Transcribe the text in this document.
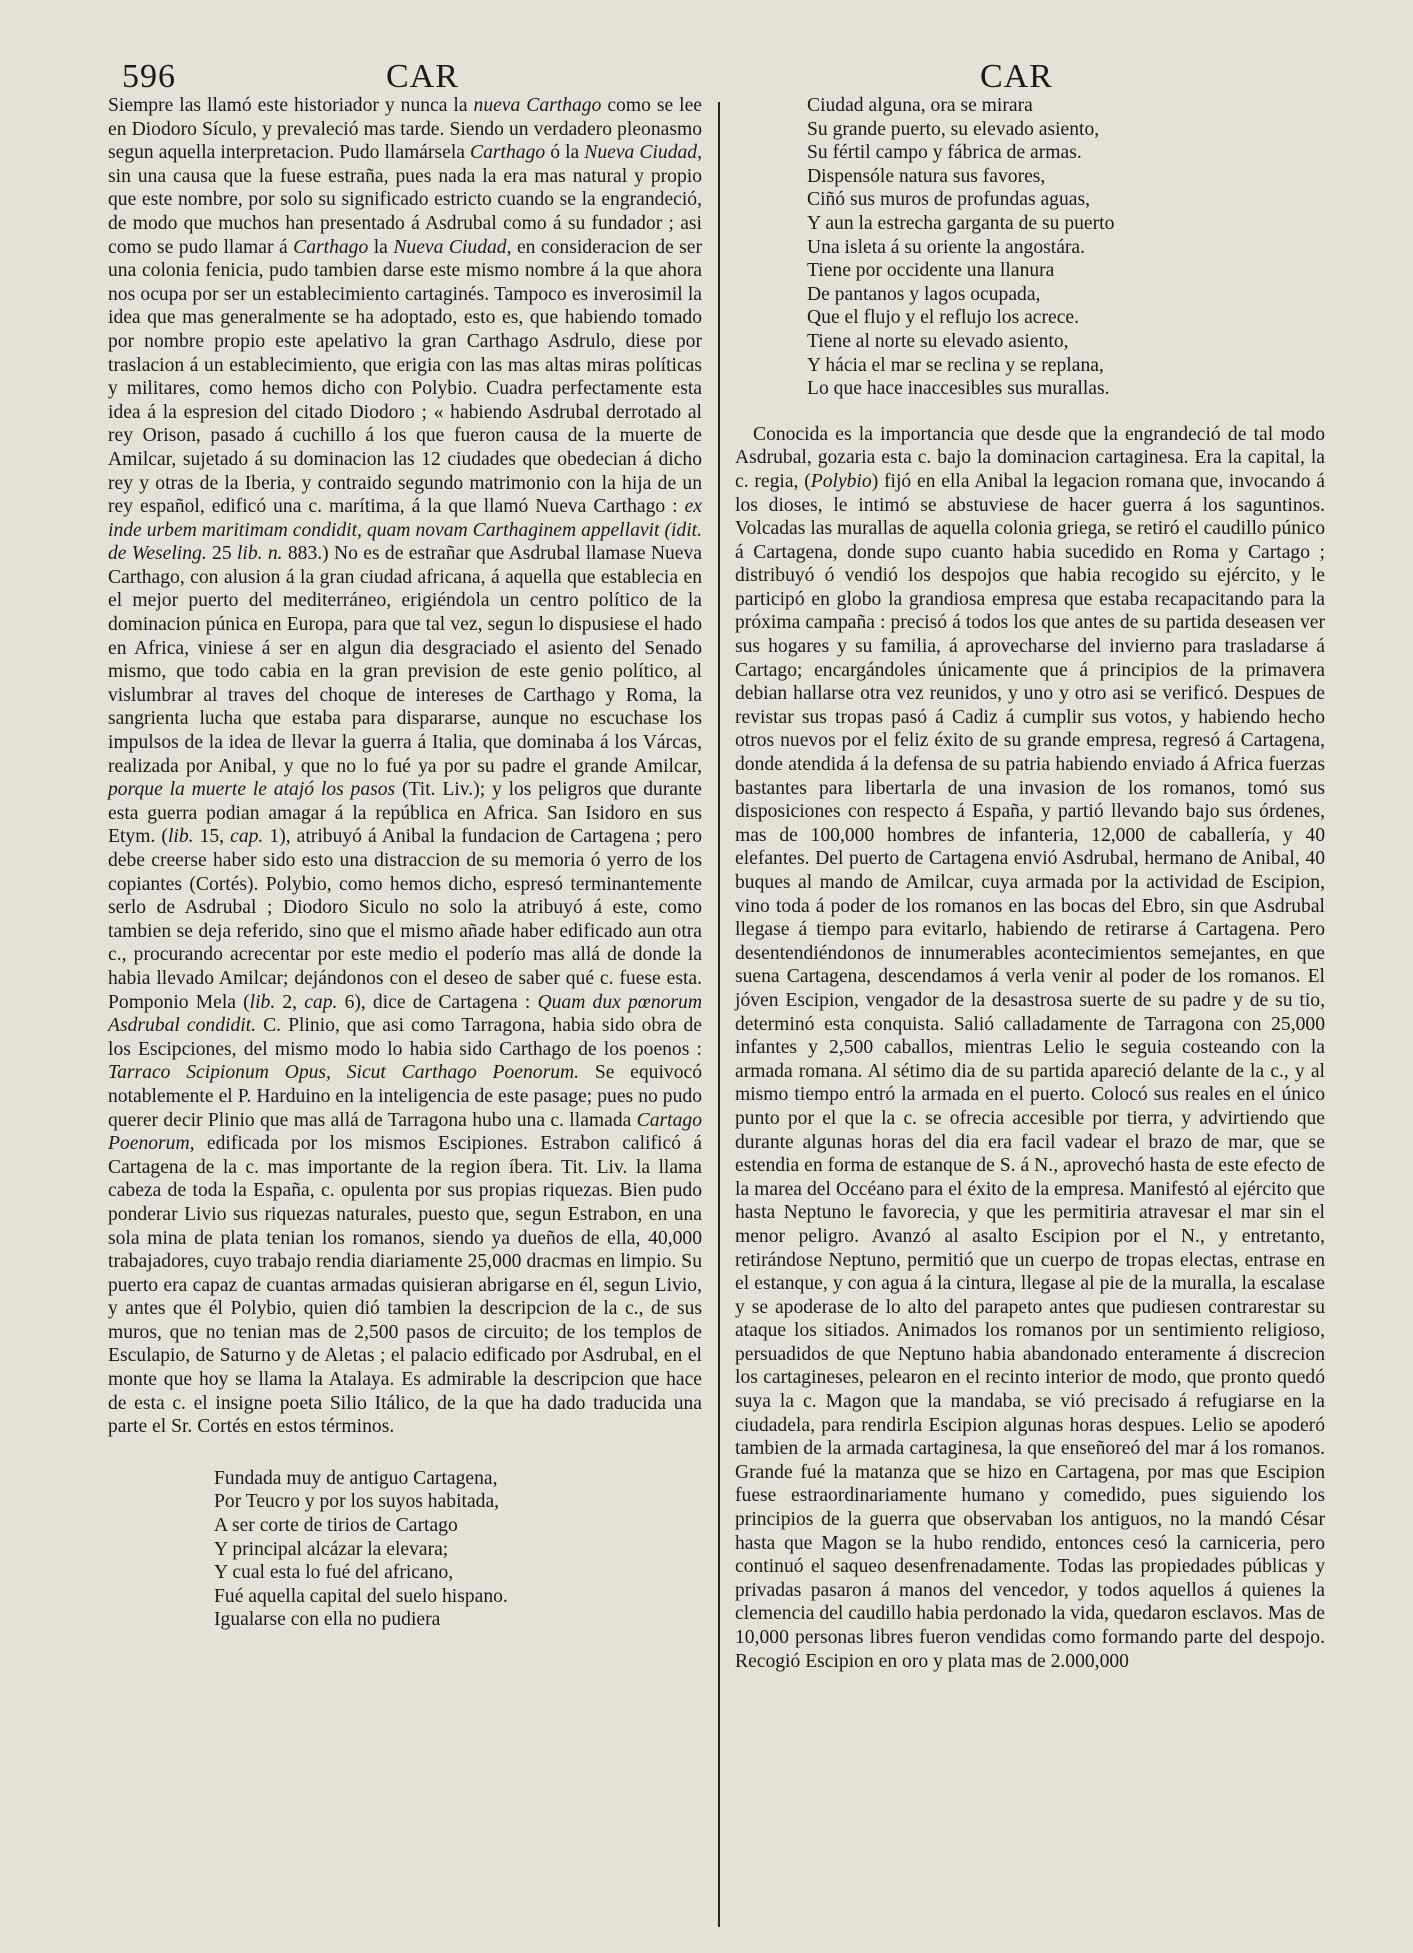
596	CAR	CAR

Siempre las llamó este historiador y nunca la nueva Carthago como se lee en Diodoro Sículo, y prevaleció mas tarde. Siendo un verdadero pleonasmo segun aquella interpretacion. Pudo llamársela Carthago ó la Nueva Ciudad, sin una causa que la fuese estraña, pues nada la era mas natural y propio que este nombre, por solo su significado estricto cuando se la engrandeció, de modo que muchos han presentado á Asdrubal como á su fundador ; asi como se pudo llamar á Carthago la Nueva Ciudad, en consideracion de ser una colonia fenicia, pudo tambien darse este mismo nombre á la que ahora nos ocupa por ser un establecimiento cartaginés. Tampoco es inverosimil la idea que mas generalmente se ha adoptado, esto es, que habiendo tomado por nombre propio este apelativo la gran Carthago Asdrulo, diese por traslacion á un establecimiento, que erigia con las mas altas miras políticas y militares, como hemos dicho con Polybio. Cuadra perfectamente esta idea á la espresion del citado Diodoro ; « habiendo Asdrubal derrotado al rey Orison, pasado á cuchillo á los que fueron causa de la muerte de Amilcar, sujetado á su dominacion las 12 ciudades que obedecian á dicho rey y otras de la Iberia, y contraido segundo matrimonio con la hija de un rey español, edificó una c. marítima, á la que llamó Nueva Carthago : ex inde urbem maritimam condidit, quam novam Carthaginem appellavit (idit. de Weseling. 25 lib. n. 883.) No es de estrañar que Asdrubal llamase Nueva Carthago, con alusion á la gran ciudad africana, á aquella que establecia en el mejor puerto del mediterráneo, erigiéndola un centro político de la dominacion púnica en Europa, para que tal vez, segun lo dispusiese el hado en Africa, viniese á ser en algun dia desgraciado el asiento del Senado mismo, que todo cabia en la gran prevision de este genio político, al vislumbrar al traves del choque de intereses de Carthago y Roma, la sangrienta lucha que estaba para dispararse, aunque no escuchase los impulsos de la idea de llevar la guerra á Italia, que dominaba á los Várcas, realizada por Anibal, y que no lo fué ya por su padre el grande Amilcar, porque la muerte le atajó los pasos (Tit. Liv.); y los peligros que durante esta guerra podian amagar á la república en Africa. San Isidoro en sus Etym. (lib. 15, cap. 1), atribuyó á Anibal la fundacion de Cartagena ; pero debe creerse haber sido esto una distraccion de su memoria ó yerro de los copiantes (Cortés). Polybio, como hemos dicho, espresó terminantemente serlo de Asdrubal ; Diodoro Siculo no solo la atribuyó á este, como tambien se deja referido, sino que el mismo añade haber edificado aun otra c., procurando acrecentar por este medio el poderío mas allá de donde la habia llevado Amilcar; dejándonos con el deseo de saber qué c. fuese esta. Pomponio Mela (lib. 2, cap. 6), dice de Cartagena : Quam dux pœnorum Asdrubal condidit. C. Plinio, que asi como Tarragona, habia sido obra de los Escipciones, del mismo modo lo habia sido Carthago de los poenos : Tarraco Scipionum Opus, Sicut Carthago Poenorum. Se equivocó notablemente el P. Harduino en la inteligencia de este pasage; pues no pudo querer decir Plinio que mas allá de Tarragona hubo una c. llamada Cartago Poenorum, edificada por los mismos Escipiones. Estrabon calificó á Cartagena de la c. mas importante de la region íbera. Tit. Liv. la llama cabeza de toda la España, c. opulenta por sus propias riquezas. Bien pudo ponderar Livio sus riquezas naturales, puesto que, segun Estrabon, en una sola mina de plata tenian los romanos, siendo ya dueños de ella, 40,000 trabajadores, cuyo trabajo rendia diariamente 25,000 dracmas en limpio. Su puerto era capaz de cuantas armadas quisieran abrigarse en él, segun Livio, y antes que él Polybio, quien dió tambien la descripcion de la c., de sus muros, que no tenian mas de 2,500 pasos de circuito; de los templos de Esculapio, de Saturno y de Aletas ; el palacio edificado por Asdrubal, en el monte que hoy se llama la Atalaya. Es admirable la descripcion que hace de esta c. el insigne poeta Silio Itálico, de la que ha dado traducida una parte el Sr. Cortés en estos términos.

Fundada muy de antiguo Cartagena,
Por Teucro y por los suyos habitada,
A ser corte de tirios de Cartago
Y principal alcázar la elevara;
Y cual esta lo fué del africano,
Fué aquella capital del suelo hispano.
Igualarse con ella no pudiera
Ciudad alguna, ora se mirara
Su grande puerto, su elevado asiento,
Su fértil campo y fábrica de armas.
Dispensóle natura sus favores,
Ciñó sus muros de profundas aguas,
Y aun la estrecha garganta de su puerto
Una isleta á su oriente la angostára.
Tiene por occidente una llanura
De pantanos y lagos ocupada,
Que el flujo y el reflujo los acrece.
Tiene al norte su elevado asiento,
Y hácia el mar se reclina y se replana,
Lo que hace inaccesibles sus murallas.

Conocida es la importancia que desde que la engrandeció de tal modo Asdrubal, gozaria esta c. bajo la dominacion cartaginesa. Era la capital, la c. regia, (Polybio) fijó en ella Anibal la legacion romana que, invocando á los dioses, le intimó se abstuviese de hacer guerra á los saguntinos. Volcadas las murallas de aquella colonia griega, se retiró el caudillo púnico á Cartagena, donde supo cuanto habia sucedido en Roma y Cartago ; distribuyó ó vendió los despojos que habia recogido su ejército, y le participó en globo la grandiosa empresa que estaba recapacitando para la próxima campaña : precisó á todos los que antes de su partida deseasen ver sus hogares y su familia, á aprovecharse del invierno para trasladarse á Cartago; encargándoles únicamente que á principios de la primavera debian hallarse otra vez reunidos, y uno y otro asi se verificó. Despues de revistar sus tropas pasó á Cadiz á cumplir sus votos, y habiendo hecho otros nuevos por el feliz éxito de su grande empresa, regresó á Cartagena, donde atendida á la defensa de su patria habiendo enviado á Africa fuerzas bastantes para libertarla de una invasion de los romanos, tomó sus disposiciones con respecto á España, y partió llevando bajo sus órdenes, mas de 100,000 hombres de infanteria, 12,000 de caballería, y 40 elefantes. Del puerto de Cartagena envió Asdrubal, hermano de Anibal, 40 buques al mando de Amilcar, cuya armada por la actividad de Escipion, vino toda á poder de los romanos en las bocas del Ebro, sin que Asdrubal llegase á tiempo para evitarlo, habiendo de retirarse á Cartagena. Pero desentendiéndonos de innumerables acontecimientos semejantes, en que suena Cartagena, descendamos á verla venir al poder de los romanos. El jóven Escipion, vengador de la desastrosa suerte de su padre y de su tio, determinó esta conquista. Salió calladamente de Tarragona con 25,000 infantes y 2,500 caballos, mientras Lelio le seguia costeando con la armada romana. Al sétimo dia de su partida apareció delante de la c., y al mismo tiempo entró la armada en el puerto. Colocó sus reales en el único punto por el que la c. se ofrecia accesible por tierra, y advirtiendo que durante algunas horas del dia era facil vadear el brazo de mar, que se estendia en forma de estanque de S. á N., aprovechó hasta de este efecto de la marea del Occéano para el éxito de la empresa. Manifestó al ejército que hasta Neptuno le favorecia, y que les permitiria atravesar el mar sin el menor peligro. Avanzó al asalto Escipion por el N., y entretanto, retirándose Neptuno, permitió que un cuerpo de tropas electas, entrase en el estanque, y con agua á la cintura, llegase al pie de la muralla, la escalase y se apoderase de lo alto del parapeto antes que pudiesen contrarestar su ataque los sitiados. Animados los romanos por un sentimiento religioso, persuadidos de que Neptuno habia abandonado enteramente á discrecion los cartagineses, pelearon en el recinto interior de modo, que pronto quedó suya la c. Magon que la mandaba, se vió precisado á refugiarse en la ciudadela, para rendirla Escipion algunas horas despues. Lelio se apoderó tambien de la armada cartaginesa, la que enseñoreó del mar á los romanos. Grande fué la matanza que se hizo en Cartagena, por mas que Escipion fuese estraordinariamente humano y comedido, pues siguiendo los principios de la guerra que observaban los antiguos, no la mandó César hasta que Magon se la hubo rendido, entonces cesó la carniceria, pero continuó el saqueo desenfrenadamente. Todas las propiedades públicas y privadas pasaron á manos del vencedor, y todos aquellos á quienes la clemencia del caudillo habia perdonado la vida, quedaron esclavos. Mas de 10,000 personas libres fueron vendidas como formando parte del despojo. Recogió Escipion en oro y plata mas de 2.000,000
